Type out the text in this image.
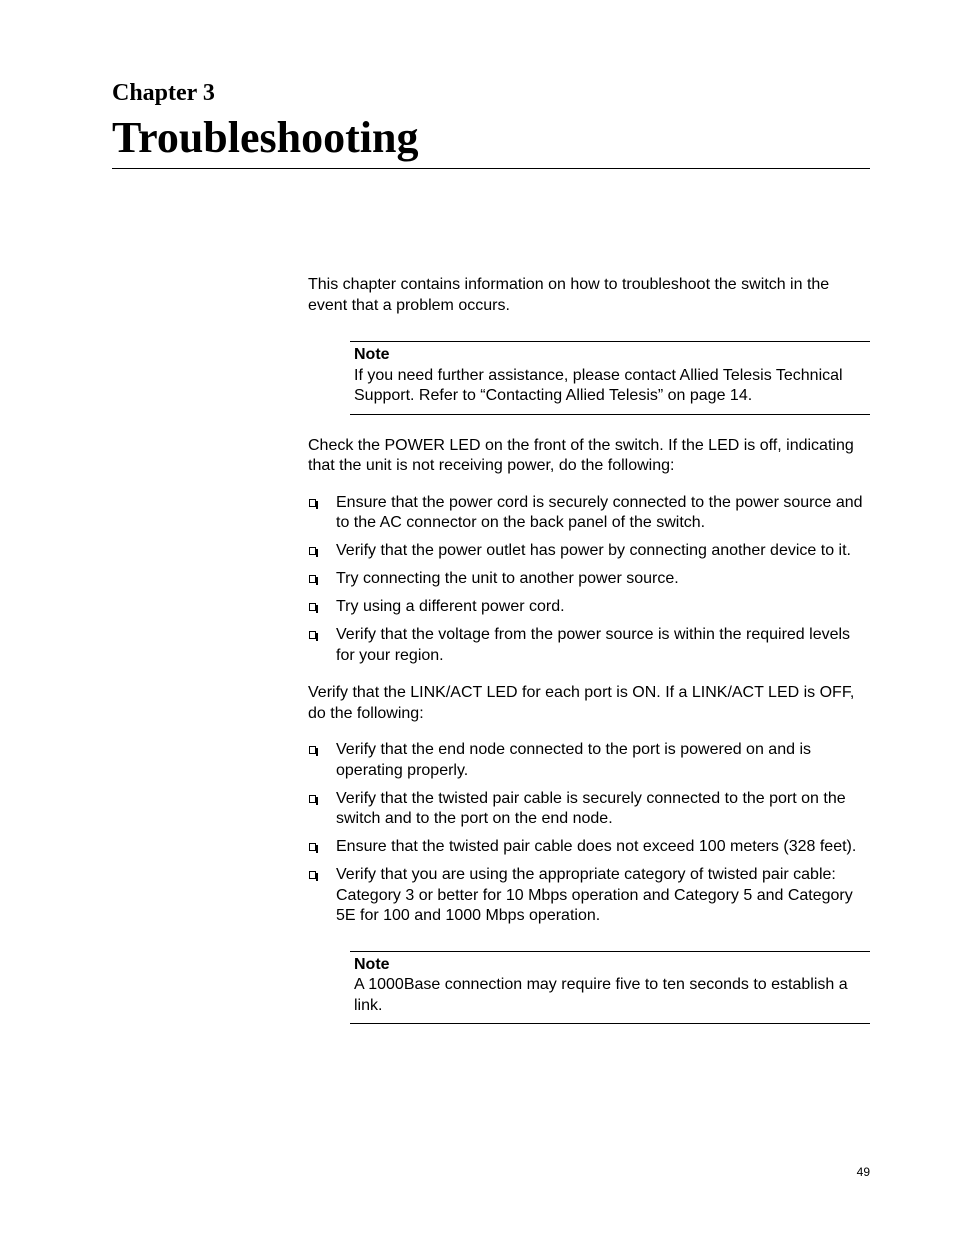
Chapter 3
Troubleshooting

This chapter contains information on how to troubleshoot the switch in the event that a problem occurs.

Note

If you need further assistance, please contact Allied Telesis Technical Support. Refer to “Contacting Allied Telesis” on page 14.

Check the POWER LED on the front of the switch. If the LED is off, indicating that the unit is not receiving power, do the following:

Ensure that the power cord is securely connected to the power source and to the AC connector on the back panel of the switch.
Verify that the power outlet has power by connecting another device to it.
Try connecting the unit to another power source.
Try using a different power cord.
Verify that the voltage from the power source is within the required levels for your region.

Verify that the LINK/ACT LED for each port is ON. If a LINK/ACT LED is OFF, do the following:

Verify that the end node connected to the port is powered on and is operating properly.
Verify that the twisted pair cable is securely connected to the port on the switch and to the port on the end node.
Ensure that the twisted pair cable does not exceed 100 meters (328 feet).
Verify that you are using the appropriate category of twisted pair cable: Category 3 or better for 10 Mbps operation and Category 5 and Category 5E for 100 and 1000 Mbps operation.

Note

A 1000Base connection may require five to ten seconds to establish a link.

49
